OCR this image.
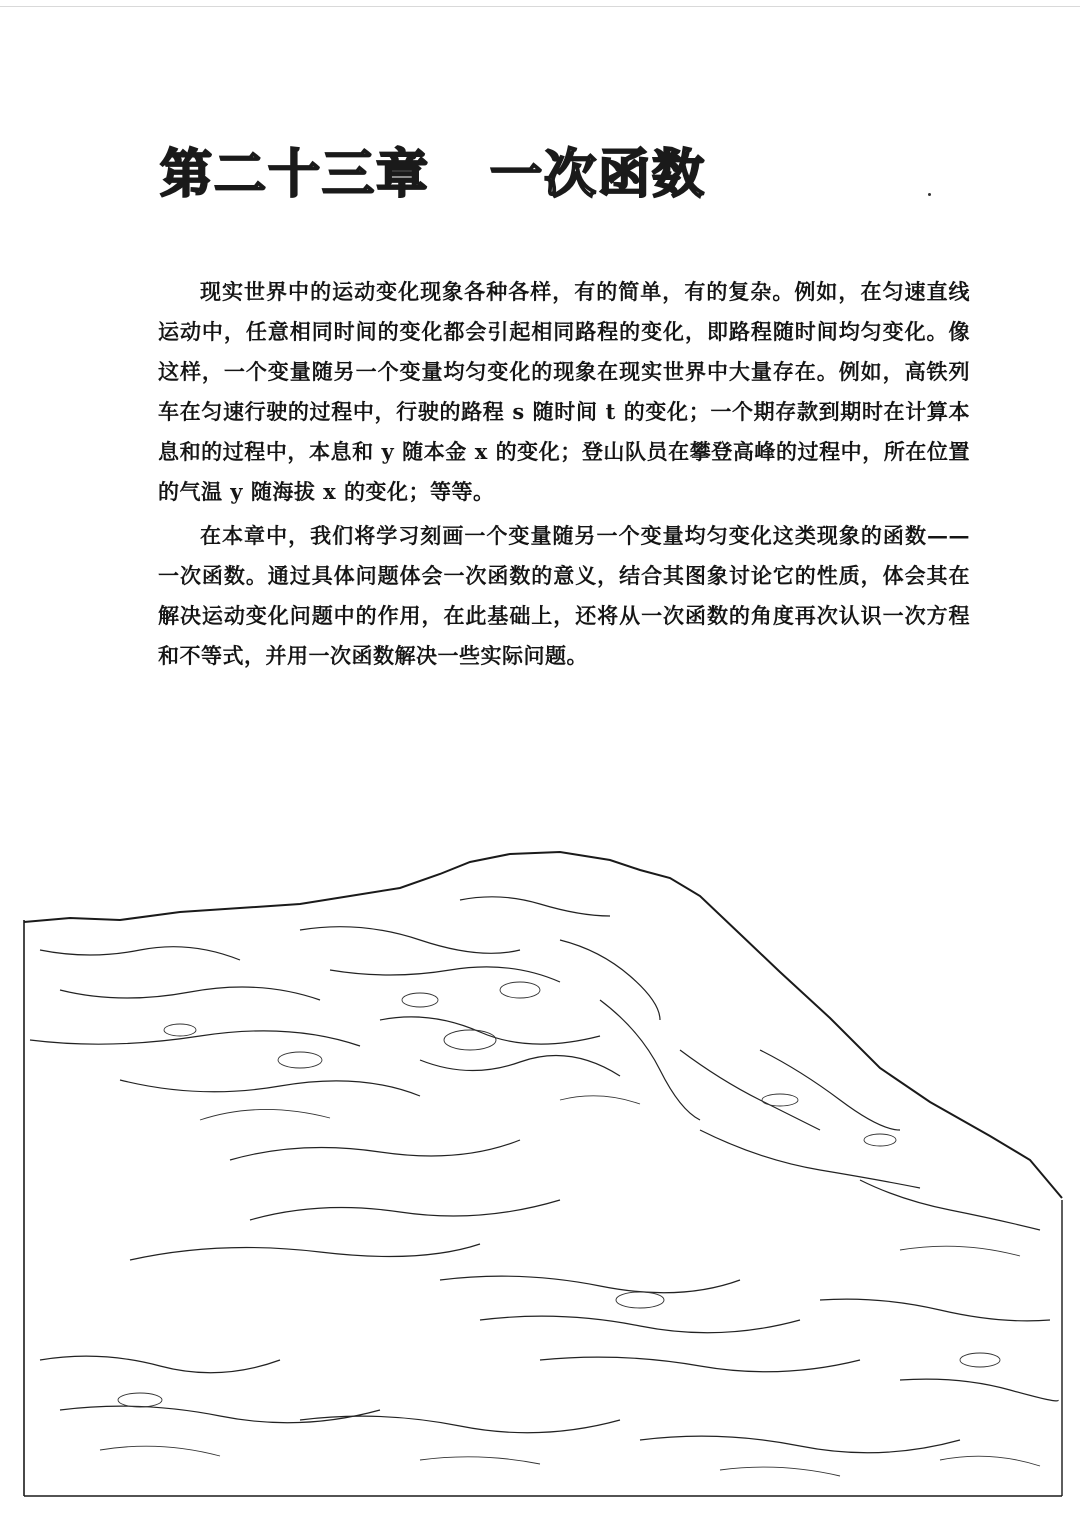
第二十三章 一次函数

现实世界中的运动变化现象各种各样，有的简单，有的复杂。例如，在匀速直线运动中，任意相同时间的变化都会引起相同路程的变化，即路程随时间均匀变化。像这样，一个变量随另一个变量均匀变化的现象在现实世界中大量存在。例如，高铁列车在匀速行驶的过程中，行驶的路程 s 随时间 t 的变化；一个期存款到期时在计算本息和的过程中，本息和 y 随本金 x 的变化；登山队员在攀登高峰的过程中，所在位置的气温 y 随海拔 x 的变化；等等。

在本章中，我们将学习刻画一个变量随另一个变量均匀变化这类现象的函数——一次函数。通过具体问题体会一次函数的意义，结合其图象讨论它的性质，体会其在解决运动变化问题中的作用，在此基础上，还将从一次函数的角度再次认识一次方程和不等式，并用一次函数解决一些实际问题。
